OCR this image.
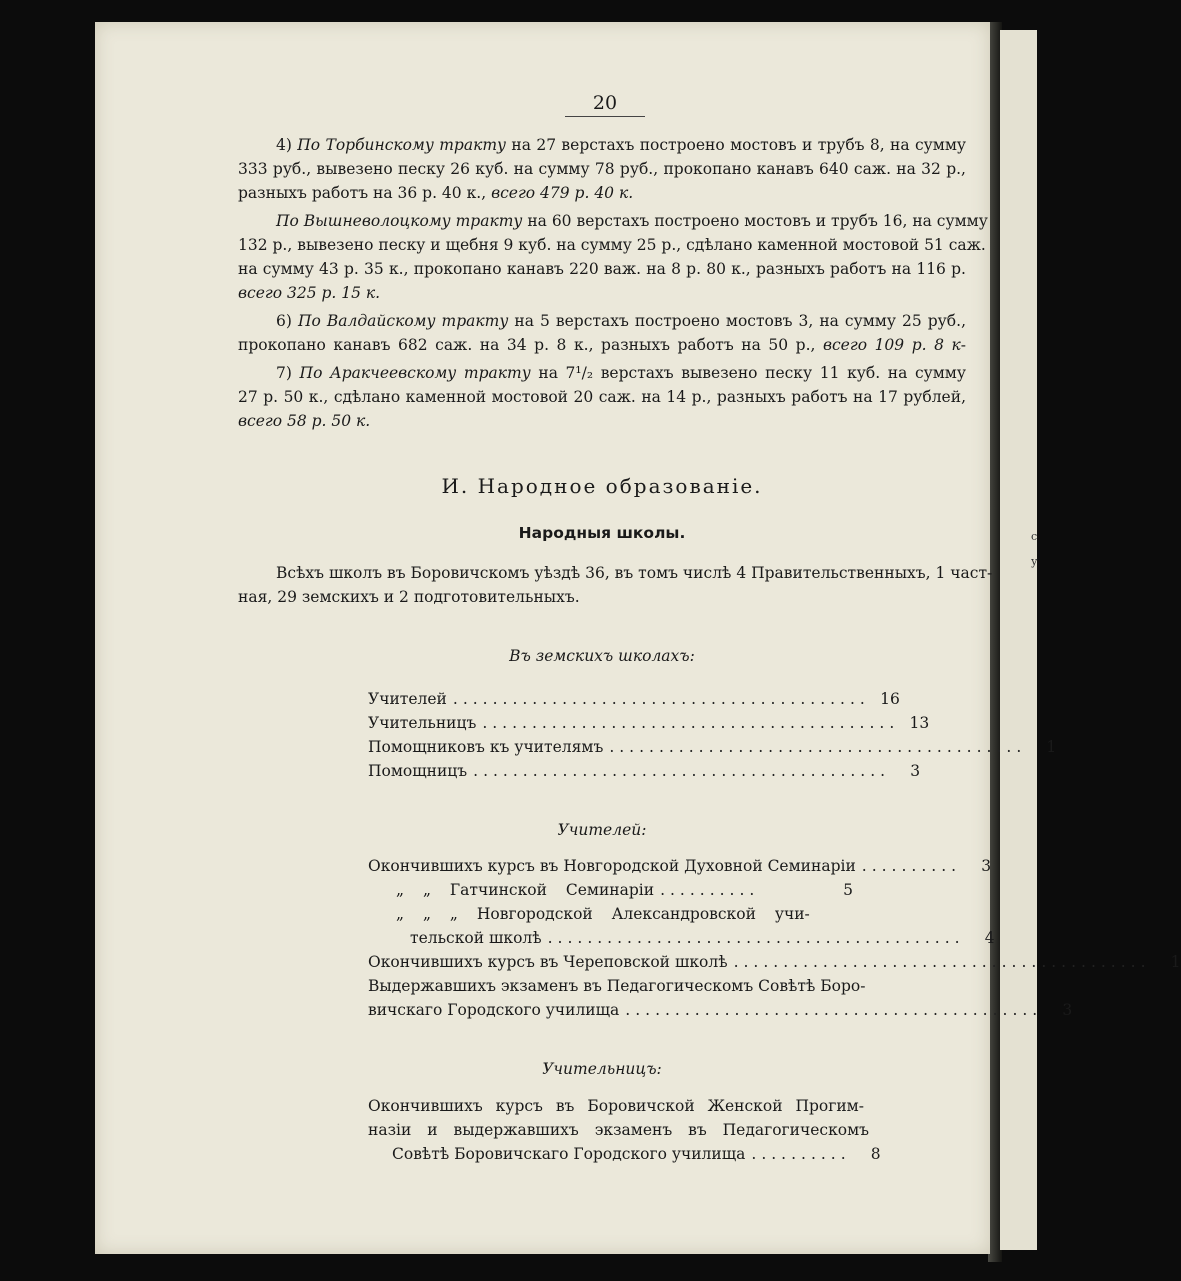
с
у
20
4) По Торбинскому тракту на 27 верстахъ построено мостовъ и трубъ 8, на сумму
333 руб., вывезено песку 26 куб. на сумму 78 руб., прокопано канавъ 640 саж. на 32 р.,
разныхъ работъ на 36 р. 40 к., всего 479 р. 40 к.
По Вышневолоцкому тракту на 60 верстахъ построено мостовъ и трубъ 16, на сумму
132 р., вывезено песку и щебня 9 куб. на сумму 25 р., сдѣлано каменной мостовой 51 саж.
на сумму 43 р. 35 к., прокопано канавъ 220 важ. на 8 р. 80 к., разныхъ работъ на 116 р.
всего 325 р. 15 к.
6) По Валдайскому тракту на 5 верстахъ построено мостовъ 3, на сумму 25 руб.,
прокопано канавъ 682 саж. на 34 р. 8 к., разныхъ работъ на 50 р., всего 109 р. 8 к-
7) По Аракчеевскому тракту на 7¹/₂ верстахъ вывезено песку 11 куб. на сумму
27 р. 50 к., сдѣлано каменной мостовой 20 саж. на 14 р., разныхъ работъ на 17 рублей,
всего 58 р. 50 к.
И. Народное образованіе.
Народныя школы.
Всѣхъ школъ въ Боровичскомъ уѣздѣ 36, въ томъ числѣ 4 Правительственныхъ, 1 част-
ная, 29 земскихъ и 2 подготовительныхъ.
Въ земскихъ школахъ:
Учителей .......................................... 16
Учительницъ .......................................... 13
Помощниковъ къ учителямъ ..........................................	1
Помощницъ ..........................................	3
Учителей:
Окончившихъ курсъ въ Новгородской Духовной Семинаріи ..........	3
„ „ Гатчинской Семинаріи ..........	5
„ „ „ Новгородской Александровской учи-
тельской школѣ ..........................................	4
Окончившихъ курсъ въ Череповской школѣ ..........................................	1
Выдержавшихъ экзаменъ въ Педагогическомъ Совѣтѣ Боро-
вичскаго Городского училища ..........................................	3
Учительницъ:
Окончившихъ курсъ въ Боровичской Женской Прогим-
назіи и выдержавшихъ экзаменъ въ Педагогическомъ
Совѣтѣ Боровичскаго Городского училища ..........	8
